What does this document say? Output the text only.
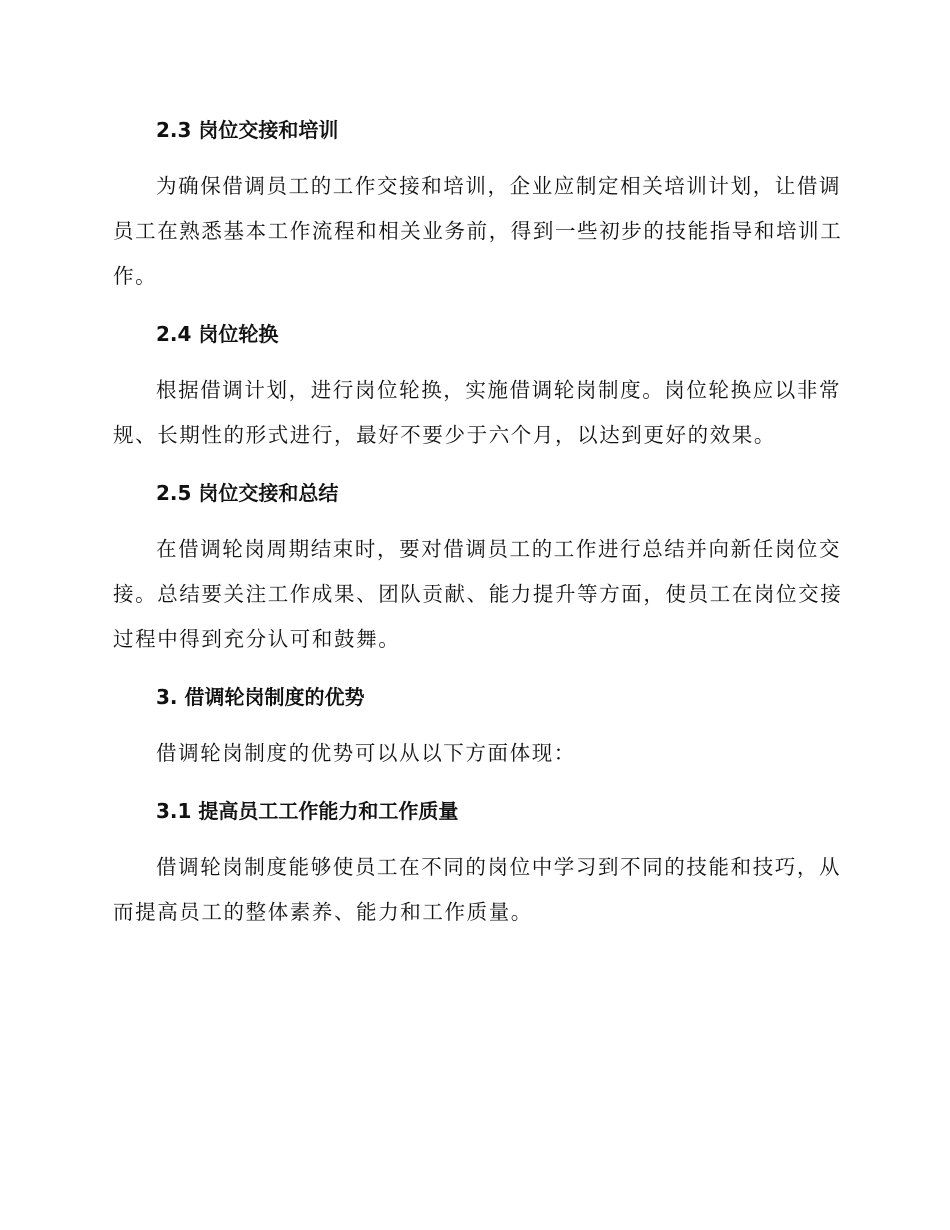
2.3 岗位交接和培训
为确保借调员工的工作交接和培训，企业应制定相关培训计划，让借调
员工在熟悉基本工作流程和相关业务前，得到一些初步的技能指导和培训工
作。
2.4 岗位轮换
根据借调计划，进行岗位轮换，实施借调轮岗制度。岗位轮换应以非常
规、长期性的形式进行，最好不要少于六个月，以达到更好的效果。
2.5 岗位交接和总结
在借调轮岗周期结束时，要对借调员工的工作进行总结并向新任岗位交
接。总结要关注工作成果、团队贡献、能力提升等方面，使员工在岗位交接
过程中得到充分认可和鼓舞。
3. 借调轮岗制度的优势
借调轮岗制度的优势可以从以下方面体现：
3.1 提高员工工作能力和工作质量
借调轮岗制度能够使员工在不同的岗位中学习到不同的技能和技巧，从
而提高员工的整体素养、能力和工作质量。
